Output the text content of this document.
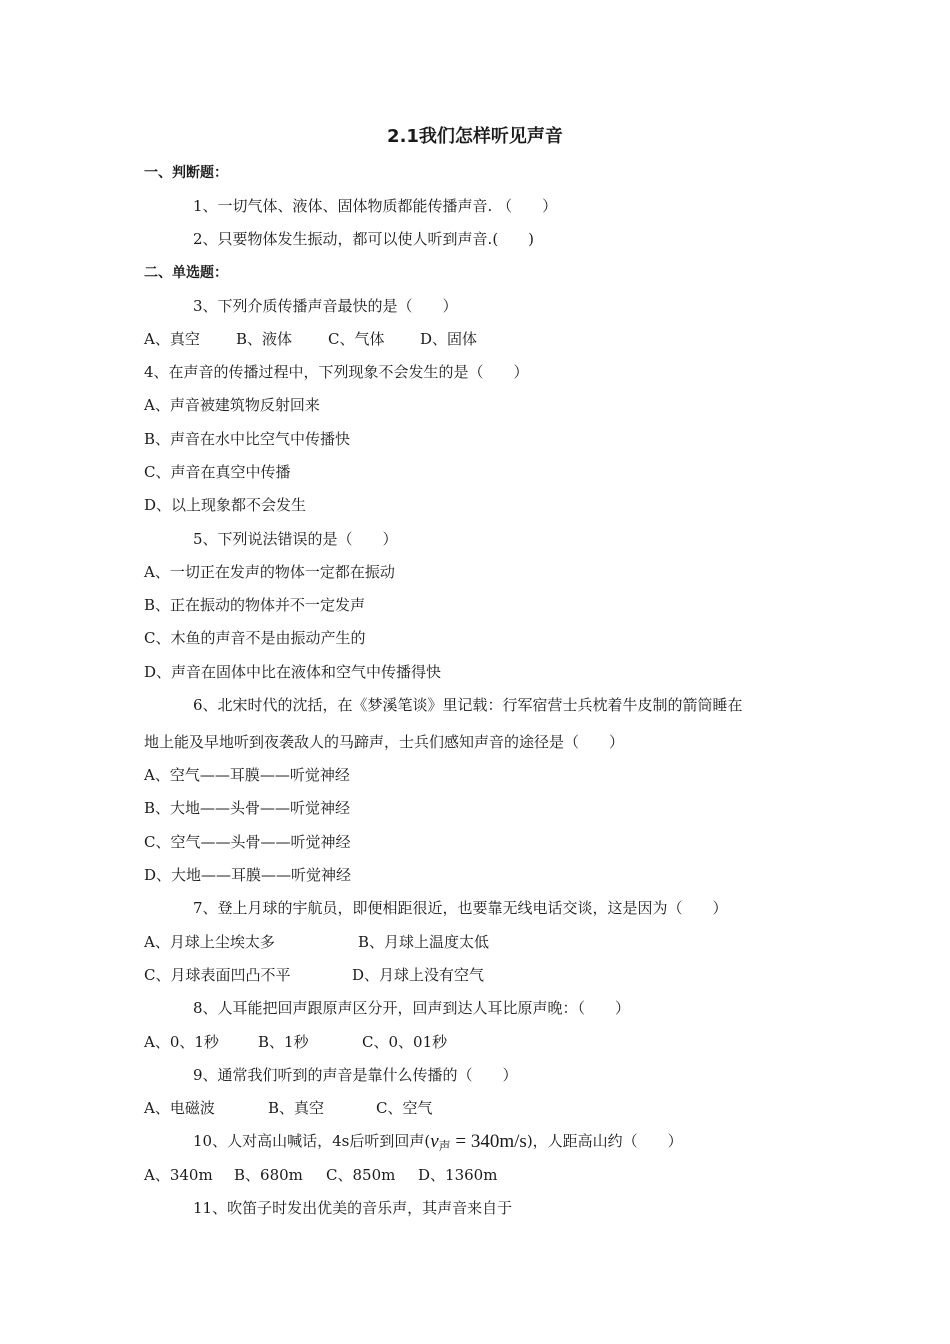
2.1我们怎样听见声音
一、判断题：
1、一切气体、液体、固体物质都能传播声音. （　　）
2、只要物体发生振动，都可以使人听到声音.(　　)
二、单选题：
3、下列介质传播声音最快的是（　　）
A、真空 B、液体 C、气体 D、固体
4、在声音的传播过程中，下列现象不会发生的是（　　）
A、声音被建筑物反射回来
B、声音在水中比空气中传播快
C、声音在真空中传播
D、以上现象都不会发生
5、下列说法错误的是（　　）
A、一切正在发声的物体一定都在振动
B、正在振动的物体并不一定发声
C、木鱼的声音不是由振动产生的
D、声音在固体中比在液体和空气中传播得快
6、北宋时代的沈括，在《梦溪笔谈》里记载：行军宿营士兵枕着牛皮制的箭筒睡在
地上能及早地听到夜袭敌人的马蹄声，士兵们感知声音的途径是（　　）
A、空气——耳膜——听觉神经
B、大地——头骨——听觉神经
C、空气——头骨——听觉神经
D、大地——耳膜——听觉神经
7、登上月球的宇航员，即便相距很近，也要靠无线电话交谈，这是因为（　　）
A、月球上尘埃太多	B、月球上温度太低
C、月球表面凹凸不平	D、月球上没有空气
8、人耳能把回声跟原声区分开，回声到达人耳比原声晚：（　　）
A、0、1秒	B、1秒	C、0、01秒
9、通常我们听到的声音是靠什么传播的（　　）
A、电磁波	B、真空	C、空气
10、人对高山喊话，4s后听到回声$(v_声 = 340m/s)$，人距高山约（　　）
A、340m B、680m C、850m D、1360m
11、吹笛子时发出优美的音乐声，其声音来自于
